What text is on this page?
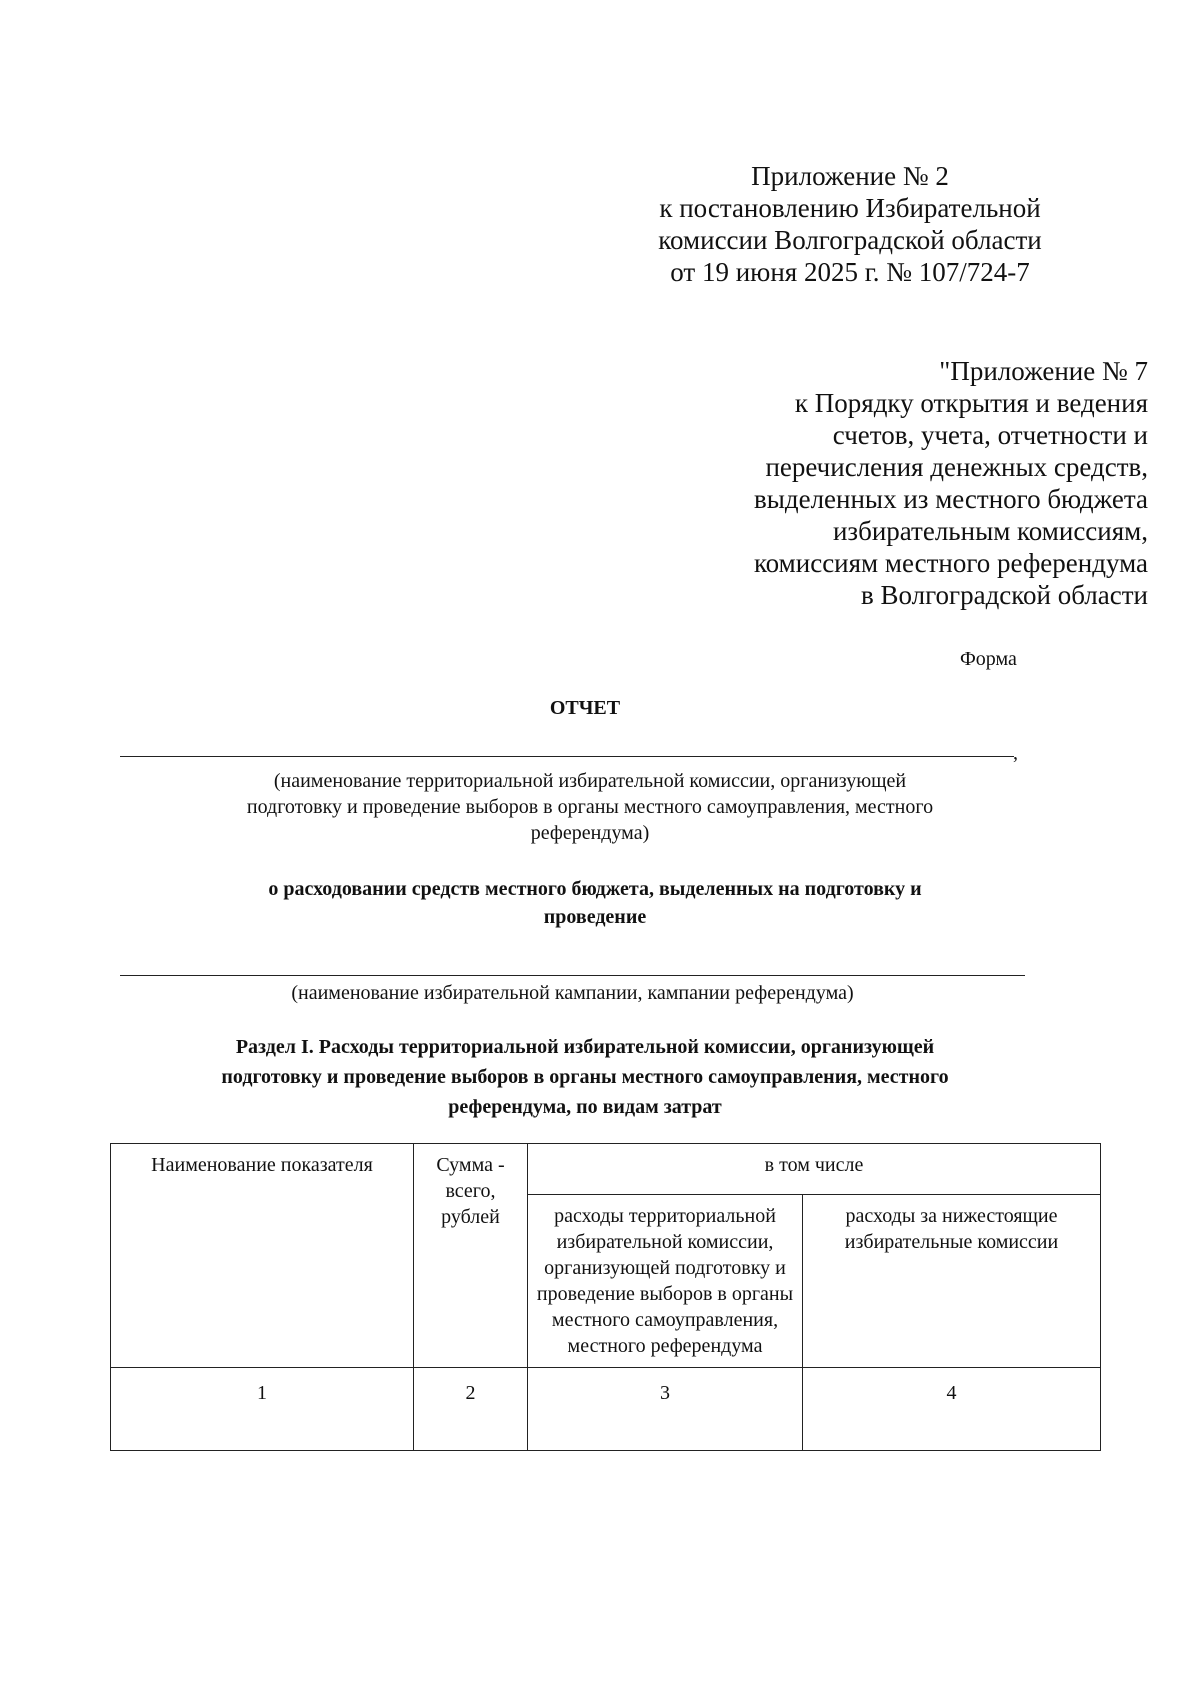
Приложение № 2
к постановлению Избирательной
комиссии Волгоградской области
от 19 июня 2025 г. № 107/724-7
"Приложение № 7
к Порядку открытия и ведения
счетов, учета, отчетности и
перечисления денежных средств,
выделенных из местного бюджета
избирательным комиссиям,
комиссиям местного референдума
в Волгоградской области
Форма
ОТЧЕТ
,
(наименование территориальной избирательной комиссии, организующей
подготовку и проведение выборов в органы местного самоуправления, местного
референдума)
о расходовании средств местного бюджета, выделенных на подготовку и
проведение
(наименование избирательной кампании, кампании референдума)
Раздел I. Расходы территориальной избирательной комиссии, организующей
подготовку и проведение выборов в органы местного самоуправления, местного
референдума, по видам затрат
Наименование показателя	Сумма - всего, рублей	в том числе	
		расходы территориальной избирательной комиссии, организующей подготовку и проведение выборов в органы местного самоуправления, местного референдума	расходы за нижестоящие избирательные комиссии
1	2	3	4
